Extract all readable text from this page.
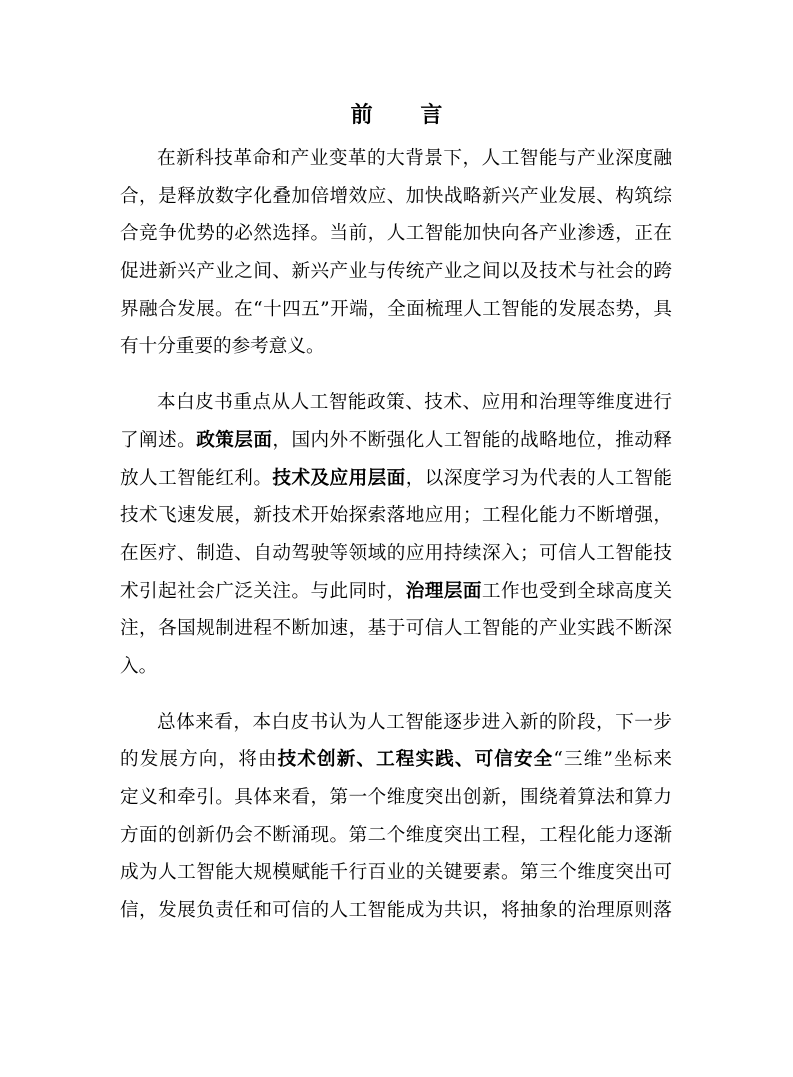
前 言
在新科技革命和产业变革的大背景下，人工智能与产业深度融
合，是释放数字化叠加倍增效应、加快战略新兴产业发展、构筑综
合竞争优势的必然选择。当前，人工智能加快向各产业渗透，正在
促进新兴产业之间、新兴产业与传统产业之间以及技术与社会的跨
界融合发展。在“十四五”开端，全面梳理人工智能的发展态势，具
有十分重要的参考意义。
本白皮书重点从人工智能政策、技术、应用和治理等维度进行
了阐述。政策层面，国内外不断强化人工智能的战略地位，推动释
放人工智能红利。技术及应用层面，以深度学习为代表的人工智能
技术飞速发展，新技术开始探索落地应用；工程化能力不断增强，
在医疗、制造、自动驾驶等领域的应用持续深入；可信人工智能技
术引起社会广泛关注。与此同时，治理层面工作也受到全球高度关
注，各国规制进程不断加速，基于可信人工智能的产业实践不断深
入。
总体来看，本白皮书认为人工智能逐步进入新的阶段，下一步
的发展方向，将由技术创新、工程实践、可信安全“三维”坐标来
定义和牵引。具体来看，第一个维度突出创新，围绕着算法和算力
方面的创新仍会不断涌现。第二个维度突出工程，工程化能力逐渐
成为人工智能大规模赋能千行百业的关键要素。第三个维度突出可
信，发展负责任和可信的人工智能成为共识，将抽象的治理原则落
